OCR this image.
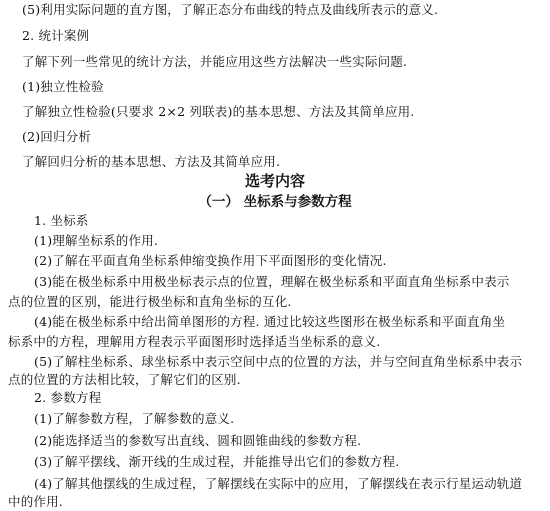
(5)利用实际问题的直方图，了解正态分布曲线的特点及曲线所表示的意义.
2. 统计案例
了解下列一些常见的统计方法，并能应用这些方法解决一些实际问题.
(1)独立性检验
了解独立性检验(只要求 2×2 列联表)的基本思想、方法及其简单应用.
(2)回归分析
了解回归分析的基本思想、方法及其简单应用.
选考内容
（一） 坐标系与参数方程
1. 坐标系
(1)理解坐标系的作用.
(2)了解在平面直角坐标系伸缩变换作用下平面图形的变化情况.
(3)能在极坐标系中用极坐标表示点的位置，理解在极坐标系和平面直角坐标系中表示
点的位置的区别，能进行极坐标和直角坐标的互化.
(4)能在极坐标系中给出简单图形的方程. 通过比较这些图形在极坐标系和平面直角坐
标系中的方程，理解用方程表示平面图形时选择适当坐标系的意义.
(5)了解柱坐标系、球坐标系中表示空间中点的位置的方法，并与空间直角坐标系中表示
点的位置的方法相比较，了解它们的区别.
2. 参数方程
(1)了解参数方程，了解参数的意义.
(2)能选择适当的参数写出直线、圆和圆锥曲线的参数方程.
(3)了解平摆线、渐开线的生成过程，并能推导出它们的参数方程.
(4)了解其他摆线的生成过程，了解摆线在实际中的应用，了解摆线在表示行星运动轨道
中的作用.
